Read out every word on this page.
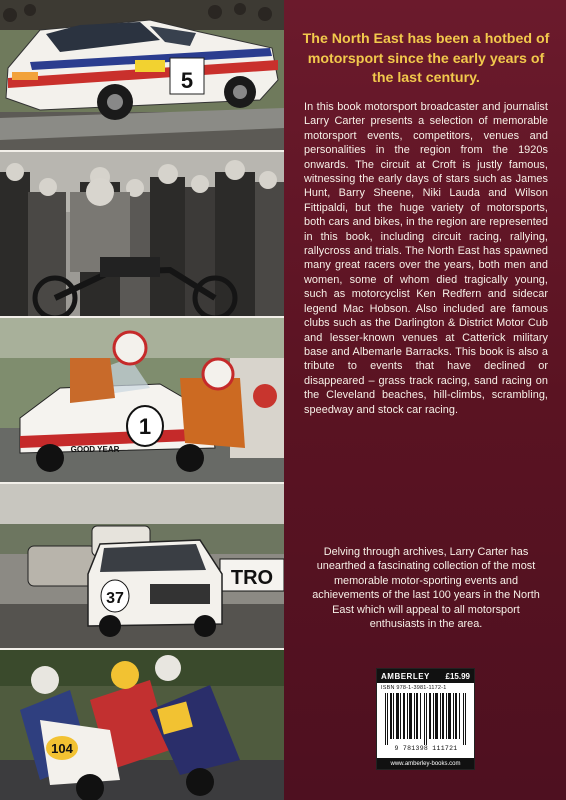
5
1
GOOD YEAR
TRO
37
104
The North East has been a hotbed of motorsport since the early years of the last century.
In this book motorsport broadcaster and journalist Larry Carter presents a selection of memorable motorsport events, competitors, venues and personalities in the region from the 1920s onwards. The circuit at Croft is justly famous, witnessing the early days of stars such as James Hunt, Barry Sheene, Niki Lauda and Wilson Fittipaldi, but the huge variety of motorsports, both cars and bikes, in the region are represented in this book, including circuit racing, rallying, rallycross and trials. The North East has spawned many great racers over the years, both men and women, some of whom died tragically young, such as motorcyclist Ken Redfern and sidecar legend Mac Hobson. Also included are famous clubs such as the Darlington & District Motor Cub and lesser-known venues at Catterick military base and Albemarle Barracks. This book is also a tribute to events that have declined or disappeared – grass track racing, sand racing on the Cleveland beaches, hill-climbs, scrambling, speedway and stock car racing.
Delving through archives, Larry Carter has unearthed a fascinating collection of the most memorable motor-sporting events and achievements of the last 100 years in the North East which will appeal to all motorsport enthusiasts in the area.
AMBERLEY £15.99
ISBN 978-1-3981-1172-1
9 781398 111721
www.amberley-books.com
